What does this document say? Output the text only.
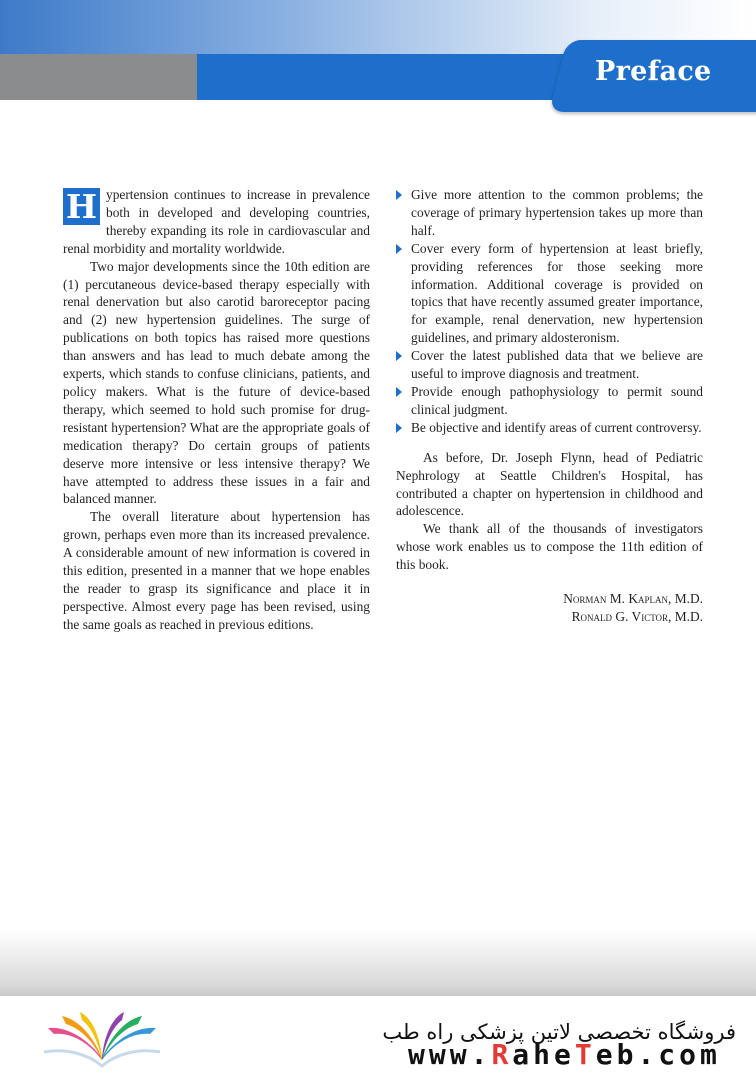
Preface

H ypertension continues to increase in prevalence both in developed and developing countries, thereby expanding its role in cardiovascular and renal morbidity and mortality worldwide.

Two major developments since the 10th edition are (1) percutaneous device-based therapy especially with renal denervation but also carotid baroreceptor pacing and (2) new hypertension guidelines. The surge of publications on both topics has raised more questions than answers and has lead to much debate among the experts, which stands to confuse clinicians, patients, and policy makers. What is the future of device-based therapy, which seemed to hold such promise for drug-resistant hypertension? What are the appropriate goals of medication therapy? Do certain groups of patients deserve more intensive or less intensive therapy? We have attempted to address these issues in a fair and balanced manner.

The overall literature about hypertension has grown, perhaps even more than its increased prevalence. A considerable amount of new information is covered in this edition, presented in a manner that we hope enables the reader to grasp its significance and place it in perspective. Almost every page has been revised, using the same goals as reached in previous editions.

Give more attention to the common problems; the coverage of primary hypertension takes up more than half.
Cover every form of hypertension at least briefly, providing references for those seeking more information. Additional coverage is provided on topics that have recently assumed greater importance, for example, renal denervation, new hypertension guidelines, and primary aldosteronism.
Cover the latest published data that we believe are useful to improve diagnosis and treatment.
Provide enough pathophysiology to permit sound clinical judgment.
Be objective and identify areas of current controversy.

As before, Dr. Joseph Flynn, head of Pediatric Nephrology at Seattle Children's Hospital, has contributed a chapter on hypertension in childhood and adolescence.

We thank all of the thousands of investigators whose work enables us to compose the 11th edition of this book.

Norman M. Kaplan, M.D.
Ronald G. Victor, M.D.
فروشگاه تخصصی لاتین پزشکی راه طب
www.RaheTeb.com
